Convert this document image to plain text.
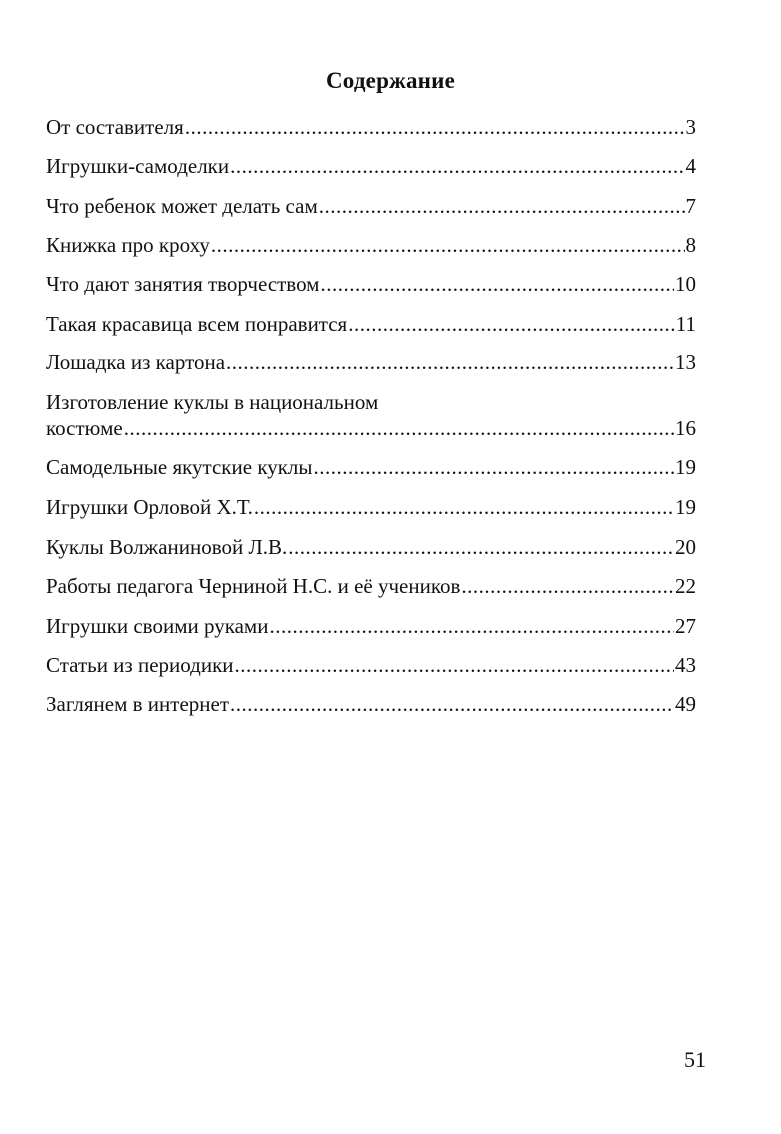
Содержание
От составителя .....	3
Игрушки-самоделки .....	4
Что ребенок может делать сам .....	7
Книжка про кроху .....	8
Что дают занятия творчеством .....	10
Такая красавица всем понравится .....	11
Лошадка из картона .....	13
Изготовление куклы в национальном
костюме .....	16
Самодельные якутские куклы .....	19
Игрушки Орловой Х.Т. .....	19
Куклы Волжаниновой Л.В. .....	20
Работы педагога Черниной Н.С. и её учеников .....	22
Игрушки своими руками .....	27
Статьи из периодики .....	43
Заглянем в интернет .....	49
51
